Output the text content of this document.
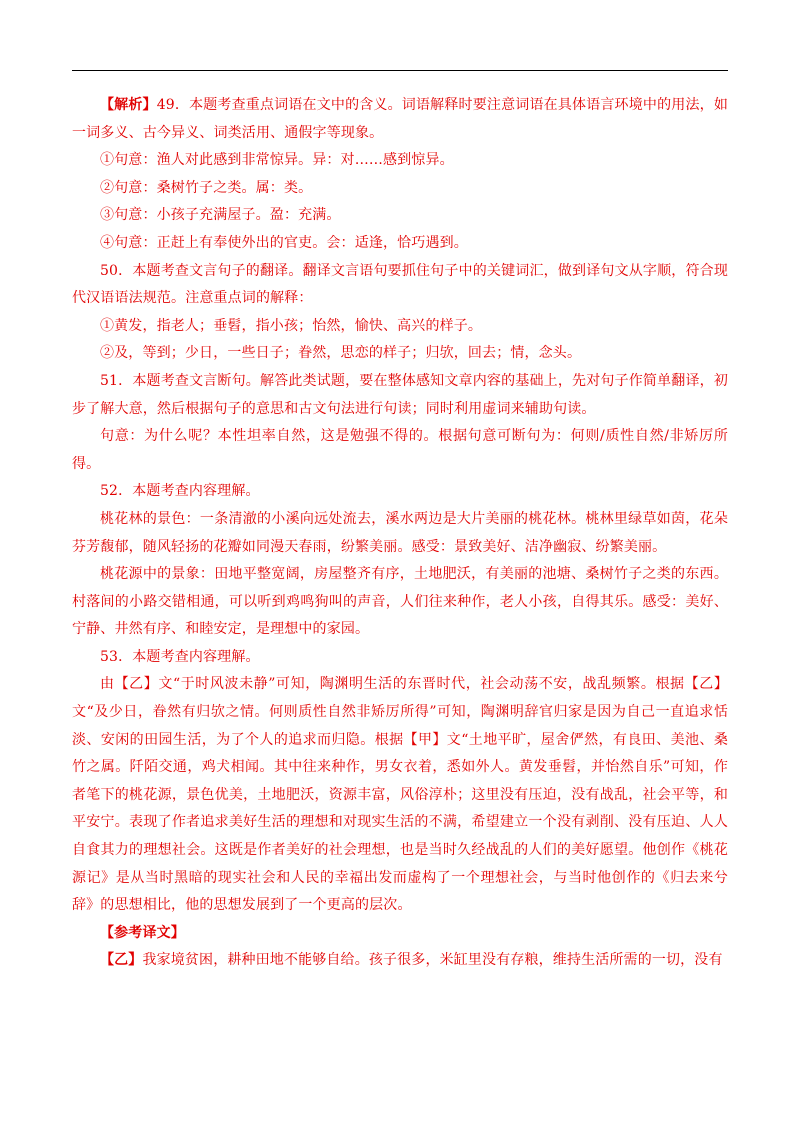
【解析】49．本题考查重点词语在文中的含义。词语解释时要注意词语在具体语言环境中的用法，如一词多义、古今异义、词类活用、通假字等现象。

①句意：渔人对此感到非常惊异。异：对……感到惊异。

②句意：桑树竹子之类。属：类。

③句意：小孩子充满屋子。盈：充满。

④句意：正赶上有奉使外出的官吏。会：适逢，恰巧遇到。

50．本题考查文言句子的翻译。翻译文言语句要抓住句子中的关键词汇，做到译句文从字顺，符合现代汉语语法规范。注意重点词的解释：

①黄发，指老人；垂髫，指小孩；怡然，愉快、高兴的样子。

②及，等到；少日，一些日子；眷然，思恋的样子；归欤，回去；情，念头。

51．本题考查文言断句。解答此类试题，要在整体感知文章内容的基础上，先对句子作简单翻译，初步了解大意，然后根据句子的意思和古文句法进行句读；同时利用虚词来辅助句读。

句意：为什么呢？本性坦率自然，这是勉强不得的。根据句意可断句为：何则/质性自然/非矫厉所得。

52．本题考查内容理解。

桃花林的景色：一条清澈的小溪向远处流去，溪水两边是大片美丽的桃花林。桃林里绿草如茵，花朵芬芳馥郁，随风轻扬的花瓣如同漫天春雨，纷繁美丽。感受：景致美好、洁净幽寂、纷繁美丽。

桃花源中的景象：田地平整宽阔，房屋整齐有序，土地肥沃，有美丽的池塘、桑树竹子之类的东西。村落间的小路交错相通，可以听到鸡鸣狗叫的声音，人们往来种作，老人小孩，自得其乐。感受：美好、宁静、井然有序、和睦安定，是理想中的家园。

53．本题考查内容理解。

由【乙】文“于时风波未静”可知，陶渊明生活的东晋时代，社会动荡不安，战乱频繁。根据【乙】文“及少日，眷然有归欤之情。何则质性自然非矫厉所得”可知，陶渊明辞官归家是因为自己一直追求恬淡、安闲的田园生活，为了个人的追求而归隐。根据【甲】文“土地平旷，屋舍俨然，有良田、美池、桑竹之属。阡陌交通，鸡犬相闻。其中往来种作，男女衣着，悉如外人。黄发垂髫，并怡然自乐”可知，作者笔下的桃花源，景色优美，土地肥沃，资源丰富，风俗淳朴；这里没有压迫，没有战乱，社会平等，和平安宁。表现了作者追求美好生活的理想和对现实生活的不满，希望建立一个没有剥削、没有压迫、人人自食其力的理想社会。这既是作者美好的社会理想，也是当时久经战乱的人们的美好愿望。他创作《桃花源记》是从当时黑暗的现实社会和人民的幸福出发而虚构了一个理想社会，与当时他创作的《归去来兮辞》的思想相比，他的思想发展到了一个更高的层次。

【参考译文】

【乙】我家境贫困，耕种田地不能够自给。孩子很多，米缸里没有存粮，维持生活所需的一切，没有
